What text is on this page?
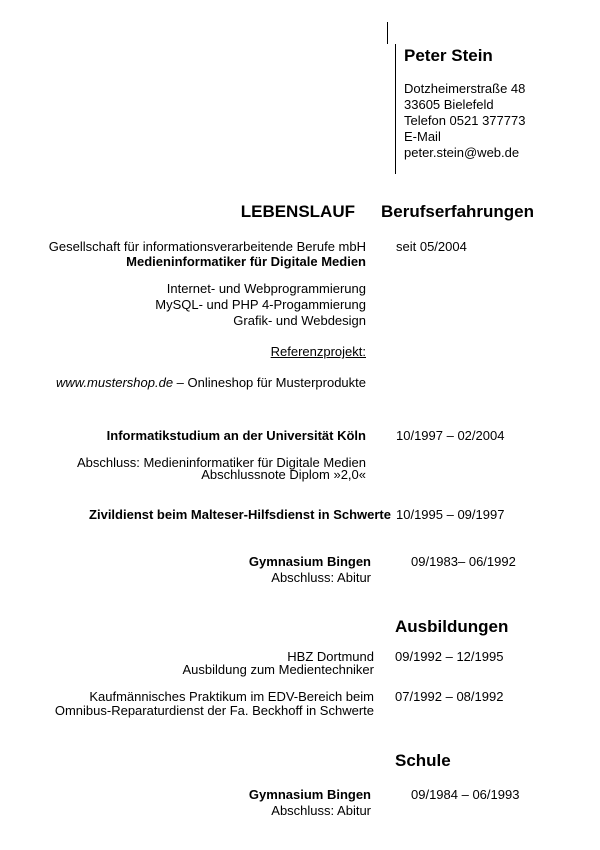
Peter Stein
Dotzheimerstraße 48
33605 Bielefeld
Telefon 0521 377773
E-Mail
peter.stein@web.de
LEBENSLAUF Berufserfahrungen
Gesellschaft für informationsverarbeitende Berufe mbH
Medieninformatiker für Digitale Medien
seit 05/2004
Internet- und Webprogrammierung
MySQL- und PHP 4-Progammierung
Grafik- und Webdesign
Referenzprojekt:
www.mustershop.de – Onlineshop für Musterprodukte
Informatikstudium an der Universität Köln 10/1997 – 02/2004
Abschluss: Medieninformatiker für Digitale Medien
Abschlussnote Diplom »2,0«
Zivildienst beim Malteser-Hilfsdienst in Schwerte 10/1995 – 09/1997
Gymnasium Bingen	09/1983– 06/1992
Abschluss: Abitur
Ausbildungen
HBZ Dortmund
Ausbildung zum Medientechniker
09/1992 – 12/1995
Kaufmännisches Praktikum im EDV-Bereich beim
Omnibus-Reparaturdienst der Fa. Beckhoff in Schwerte
07/1992 – 08/1992
Schule
Gymnasium Bingen	09/1984 – 06/1993
Abschluss: Abitur
